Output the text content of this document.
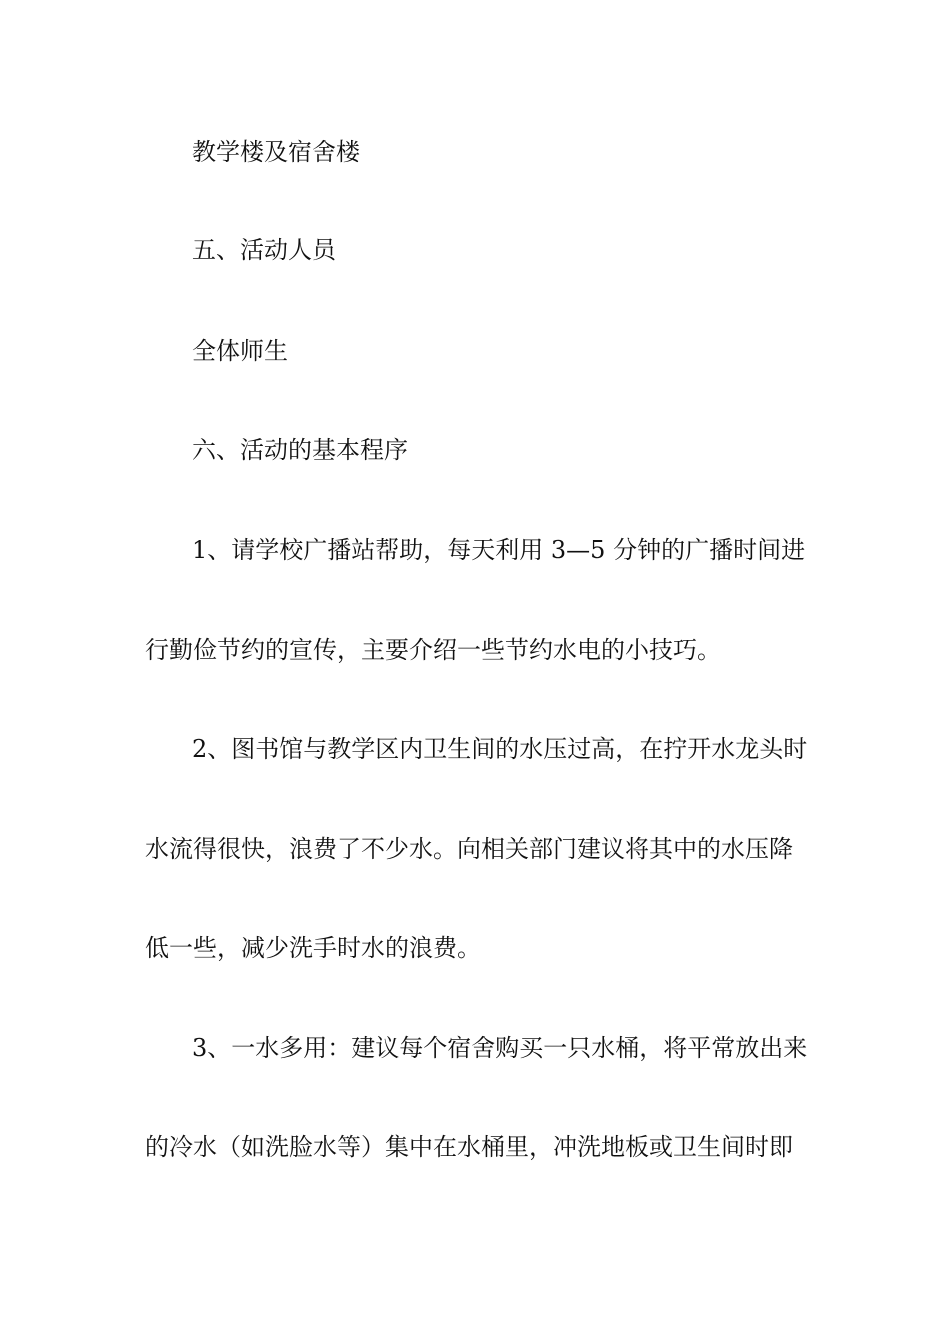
教学楼及宿舍楼
五、活动人员
全体师生
六、活动的基本程序
1、请学校广播站帮助，每天利用 3—5 分钟的广播时间进
行勤俭节约的宣传，主要介绍一些节约水电的小技巧。
2、图书馆与教学区内卫生间的水压过高，在拧开水龙头时
水流得很快，浪费了不少水。向相关部门建议将其中的水压降
低一些，减少洗手时水的浪费。
3、一水多用：建议每个宿舍购买一只水桶，将平常放出来
的冷水（如洗脸水等）集中在水桶里，冲洗地板或卫生间时即
